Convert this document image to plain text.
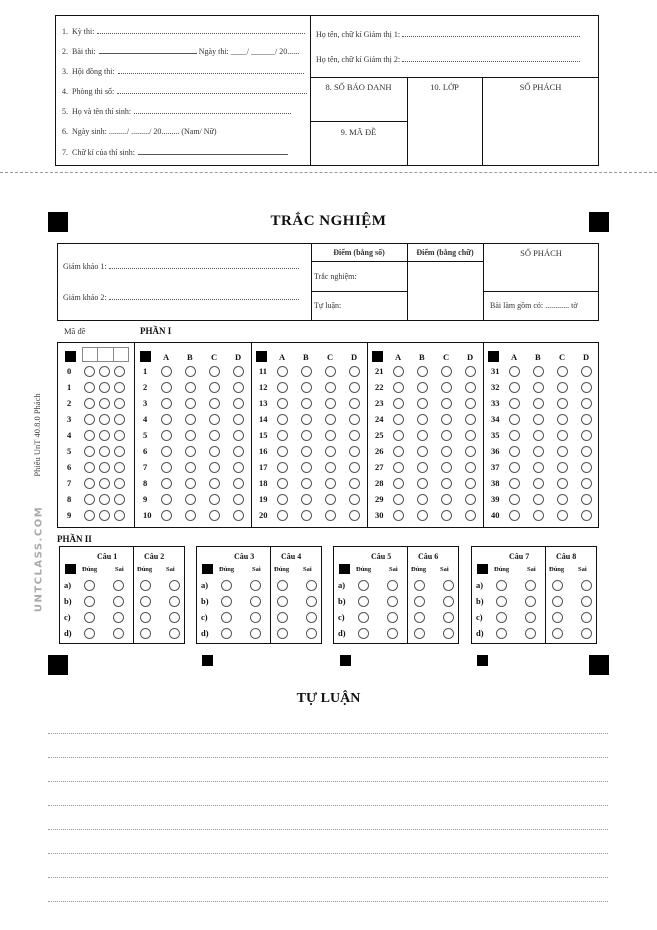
1. Kỳ thi:
2. Bài thi:	Ngày thi: ____/ ______/ 20......
3. Hội đồng thi:
4. Phòng thi số:
5. Họ và tên thí sinh:
6. Ngày sinh: ........./ ........./ 20......... (Nam/ Nữ)
7. Chữ kí của thí sinh:
Họ tên, chữ kí Giám thị 1:
Họ tên, chữ kí Giám thị 2:
8. SỐ BÁO DANH
9. MÃ ĐỀ
10. LỚP	SỐ PHÁCH
TRẮC NGHIỆM
Giám khảo 1:
Giám khảo 2:
Điểm (bằng số)	Điểm (bằng chữ)	SỐ PHÁCH
Trắc nghiệm:
Tự luận:	Bài làm gồm có: ............ tờ
Mã đề	PHẦN I
0
1
2
3
4
5
6
7
8
9
A B C D
1
2
3
4
5
6
7
8
9
10
A B C D
11
12
13
14
15
16
17
18
19
20
A B C D
21
22
23
24
25
26
27
28
29
30
A B C D
31
32
33
34
35
36
37
38
39
40
PHẦN II
Câu 1	Câu 2
Đúng	Sai Đúng Sai
a)
b)
c)
d)
Câu 3	Câu 4
Đúng	Sai Đúng Sai
a)
b)
c)
d)
Câu 5	Câu 6
Đúng	Sai Đúng Sai
a)
b)
c)
d)
Câu 7	Câu 8
Đúng	Sai Đúng Sai
a)
b)
c)
d)
TỰ LUẬN
Phiếu UnT 40.8.0 Phách
UNTCLASS.COM
